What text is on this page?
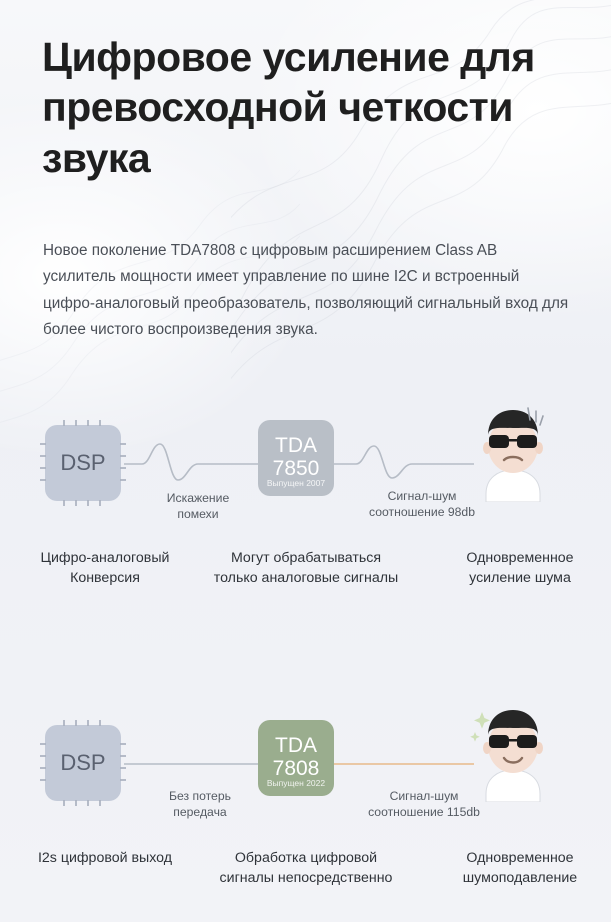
Цифровое усиление для превосходной четкости звука
Новое поколение TDA7808 с цифровым расширением Class AB усилитель мощности имеет управление по шине I2C и встроенный цифро-аналоговый преобразователь, позволяющий сигнальный вход для более чистого воспроизведения звука.
DSP
Искажение помехи
TDA
7850
Выпущен 2007
Сигнал-шум соотношение 98db
Цифро-аналоговый Конверсия
Могут обрабатываться только аналоговые сигналы
Одновременное усиление шума
DSP
Без потерь передача
TDA
7808
Выпущен 2022
Сигнал-шум соотношение 115db
I2s цифровой выход	Обработка цифровой сигналы непосредственно
Одновременное шумоподавление
